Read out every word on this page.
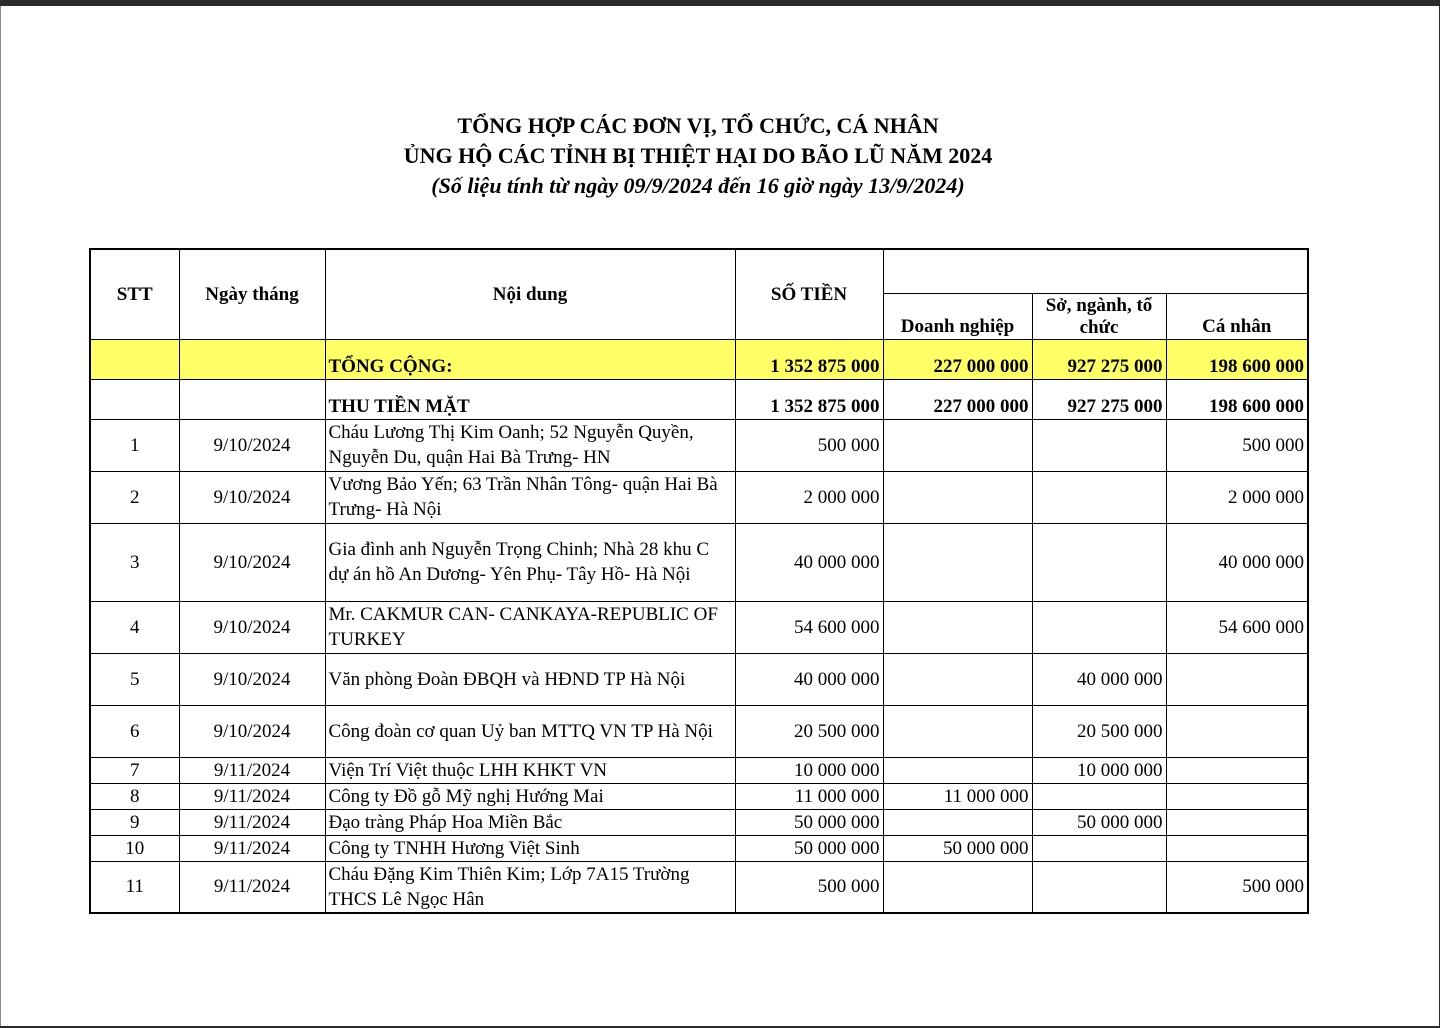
TỔNG HỢP CÁC ĐƠN VỊ, TỔ CHỨC, CÁ NHÂN
ỦNG HỘ CÁC TỈNH BỊ THIỆT HẠI DO BÃO LŨ NĂM 2024
(Số liệu tính từ ngày 09/9/2024 đến 16 giờ ngày 13/9/2024)
STT	Ngày tháng	Nội dung	SỐ TIỀN			
				Doanh nghiệp	Sở, ngành, tổ chức	Cá nhân
		TỔNG CỘNG:	1 352 875 000	227 000 000	927 275 000	198 600 000
		THU TIỀN MẶT	1 352 875 000	227 000 000	927 275 000	198 600 000
1	9/10/2024	Cháu Lương Thị Kim Oanh; 52 Nguyễn Quyền, Nguyễn Du, quận Hai Bà Trưng- HN	500 000			500 000
2	9/10/2024	Vương Bảo Yến; 63 Trần Nhân Tông- quận Hai Bà Trưng- Hà Nội	2 000 000			2 000 000
3	9/10/2024	Gia đình anh Nguyễn Trọng Chinh; Nhà 28 khu C dự án hồ An Dương- Yên Phụ- Tây Hồ- Hà Nội	40 000 000			40 000 000
4	9/10/2024	Mr. CAKMUR CAN- CANKAYA-REPUBLIC OF TURKEY	54 600 000			54 600 000
5	9/10/2024	Văn phòng Đoàn ĐBQH và HĐND TP Hà Nội	40 000 000		40 000 000	
6	9/10/2024	Công đoàn cơ quan Uỷ ban MTTQ VN TP Hà Nội	20 500 000		20 500 000	
7	9/11/2024	Viện Trí Việt thuộc LHH KHKT VN	10 000 000		10 000 000	
8	9/11/2024	Công ty Đồ gỗ Mỹ nghị Hướng Mai	11 000 000	11 000 000		
9	9/11/2024	Đạo tràng Pháp Hoa Miền Bắc	50 000 000		50 000 000	
10	9/11/2024	Công ty TNHH Hương Việt Sinh	50 000 000	50 000 000		
11	9/11/2024	Cháu Đặng Kim Thiên Kim; Lớp 7A15 Trường THCS Lê Ngọc Hân	500 000			500 000
